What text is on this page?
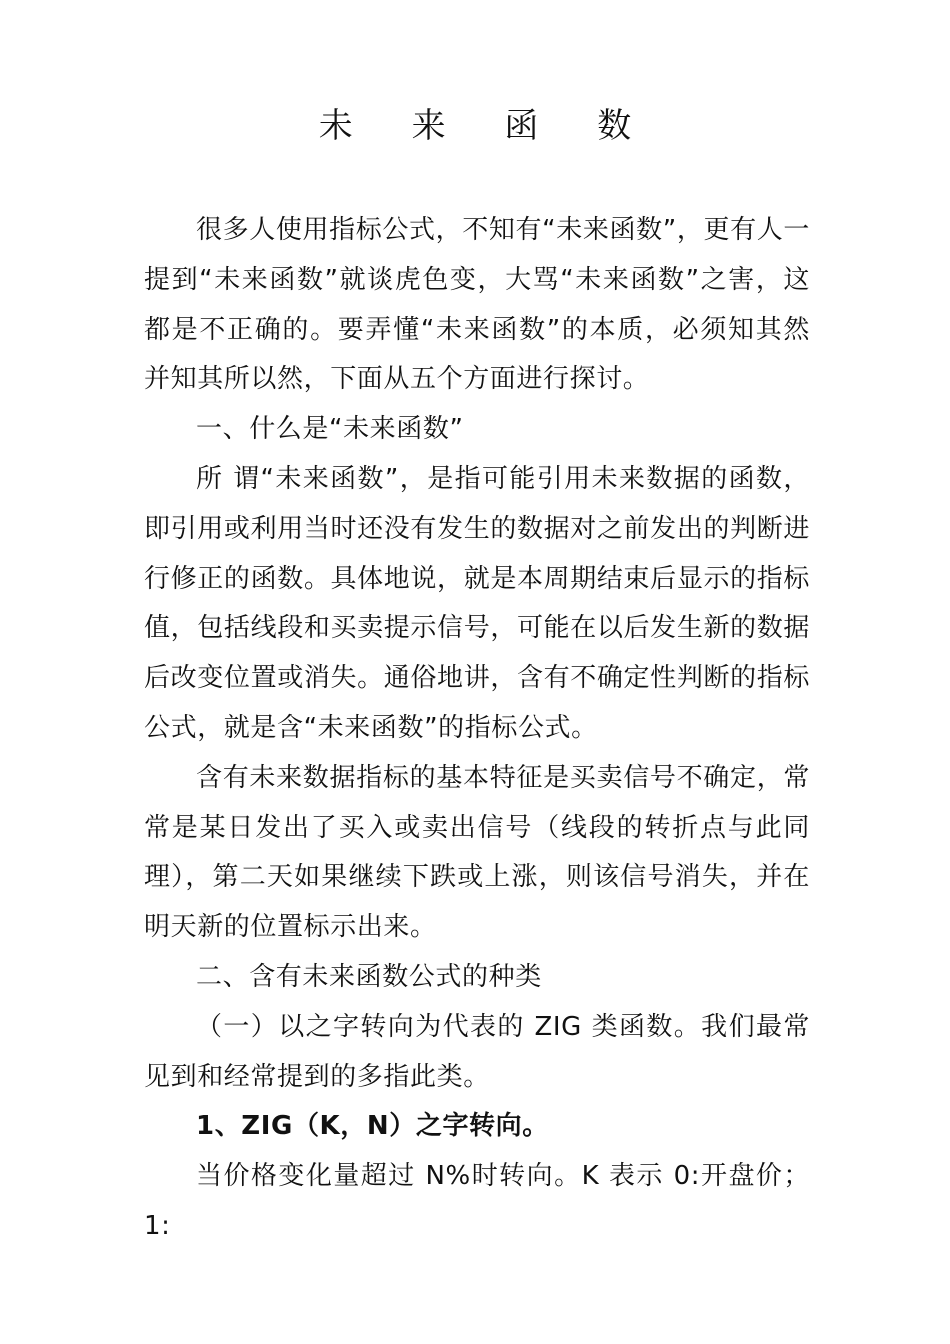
未 来 函 数

很多人使用指标公式，不知有“未来函数”，更有人一提到“未来函数”就谈虎色变，大骂“未来函数”之害，这都是不正确的。要弄懂“未来函数”的本质，必须知其然并知其所以然，下面从五个方面进行探讨。

一、什么是“未来函数”

所 谓“未来函数”，是指可能引用未来数据的函数，即引用或利用当时还没有发生的数据对之前发出的判断进行修正的函数。具体地说，就是本周期结束后显示的指标 值，包括线段和买卖提示信号，可能在以后发生新的数据后改变位置或消失。通俗地讲，含有不确定性判断的指标公式，就是含“未来函数”的指标公式。

含有未来数据指标的基本特征是买卖信号不确定，常常是某日发出了买入或卖出信号（线段的转折点与此同理），第二天如果继续下跌或上涨，则该信号消失，并在明天新的位置标示出来。

二、含有未来函数公式的种类

（一）以之字转向为代表的 ZIG 类函数。我们最常见到和经常提到的多指此类。

1、ZIG（K，N）之字转向。

当价格变化量超过 N%时转向。K 表示 0:开盘价；1:
